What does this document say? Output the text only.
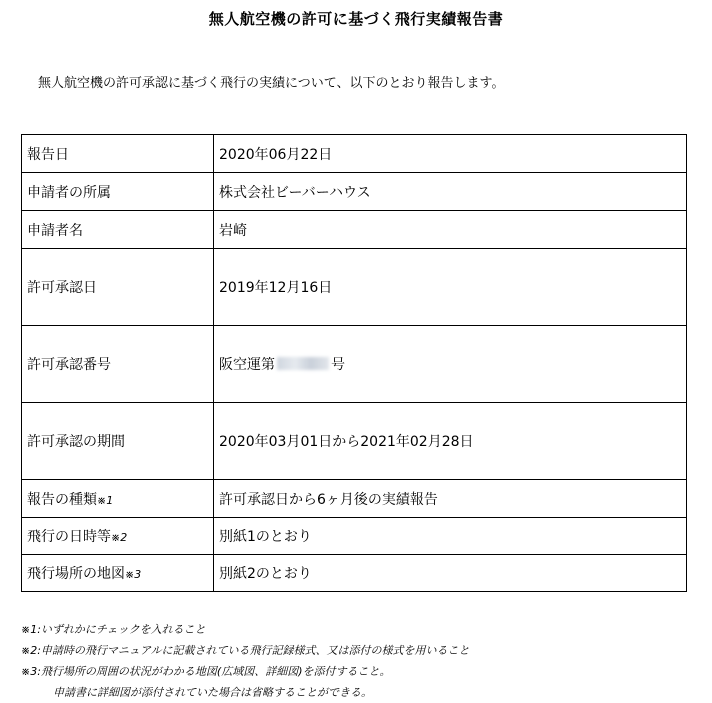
無人航空機の許可に基づく飛行実績報告書
無人航空機の許可承認に基づく飛行の実績について、以下のとおり報告します。
報告日	2020年06月22日
申請者の所属	株式会社ビーバーハウス
申請者名	岩崎
許可承認日	2019年12月16日
許可承認番号	阪空運第 号
許可承認の期間	2020年03月01日から2021年02月28日
報告の種類※1	許可承認日から6ヶ月後の実績報告
飛行の日時等※2	別紙1のとおり
飛行場所の地図※3	別紙2のとおり
※1:いずれかにチェックを入れること
※2:申請時の飛行マニュアルに記載されている飛行記録様式、又は添付の様式を用いること
※3:飛行場所の周囲の状況がわかる地図(広域図、詳細図)を添付すること。
申請書に詳細図が添付されていた場合は省略することができる。
